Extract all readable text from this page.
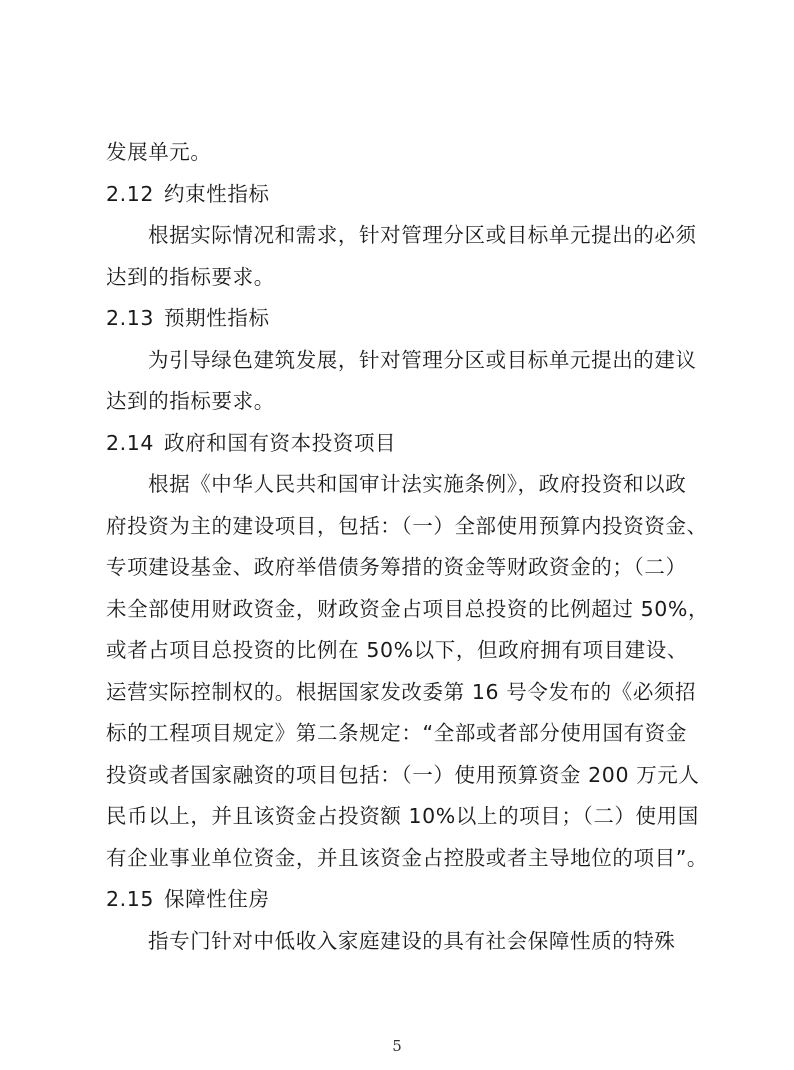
发展单元。
2.12 约束性指标
根据实际情况和需求，针对管理分区或目标单元提出的必须
达到的指标要求。
2.13 预期性指标
为引导绿色建筑发展，针对管理分区或目标单元提出的建议
达到的指标要求。
2.14 政府和国有资本投资项目
根据《中华人民共和国审计法实施条例》，政府投资和以政
府投资为主的建设项目，包括：（一）全部使用预算内投资资金、
专项建设基金、政府举借债务筹措的资金等财政资金的；（二）
未全部使用财政资金，财政资金占项目总投资的比例超过 50%，
或者占项目总投资的比例在 50%以下，但政府拥有项目建设、
运营实际控制权的。根据国家发改委第 16 号令发布的《必须招
标的工程项目规定》第二条规定：“全部或者部分使用国有资金
投资或者国家融资的项目包括：（一）使用预算资金 200 万元人
民币以上，并且该资金占投资额 10%以上的项目；（二）使用国
有企业事业单位资金，并且该资金占控股或者主导地位的项目”。
2.15 保障性住房
指专门针对中低收入家庭建设的具有社会保障性质的特殊
5
